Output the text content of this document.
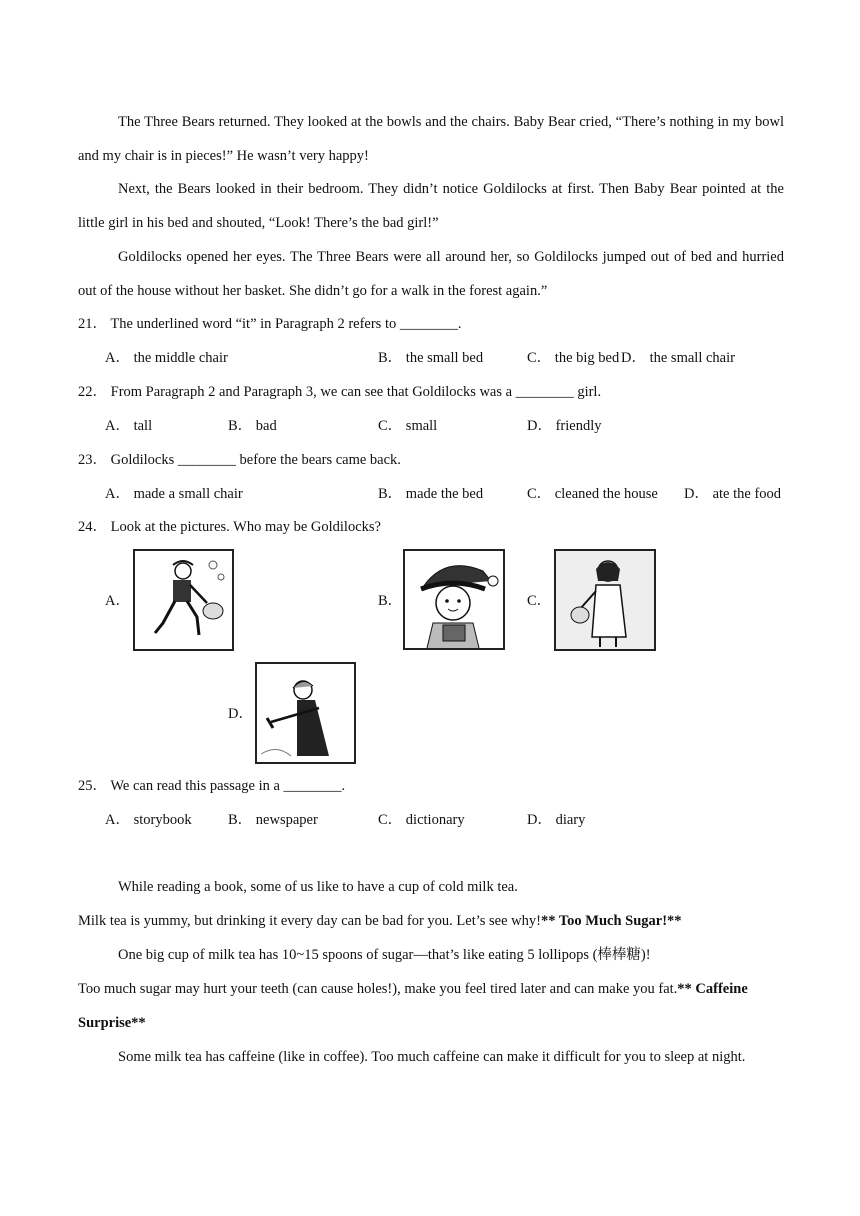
The Three Bears returned. They looked at the bowls and the chairs. Baby Bear cried, “There’s nothing in my bowl and my chair is in pieces!” He wasn’t very happy!
Next, the Bears looked in their bedroom. They didn’t notice Goldilocks at first. Then Baby Bear pointed at the little girl in his bed and shouted, “Look! There’s the bad girl!”
Goldilocks opened her eyes. The Three Bears were all around her, so Goldilocks jumped out of bed and hurried out of the house without her basket. She didn’t go for a walk in the forest again.”
21． The underlined word “it” in Paragraph 2 refers to ________.
A． the middle chair	B． the small bed	C． the big bed D． the small chair
22． From Paragraph 2 and Paragraph 3, we can see that Goldilocks was a ________ girl.
A． tall	B． bad	C． small	D． friendly
23． Goldilocks ________ before the bears came back.
A． made a small chair	B． made the bed	C． cleaned the house D． ate the food
24． Look at the pictures. Who may be Goldilocks?
A．	B．	C．
D．
25． We can read this passage in a ________.
A． storybook	B． newspaper	C． dictionary	D． diary
While reading a book, some of us like to have a cup of cold milk tea.
Milk tea is yummy, but drinking it every day can be bad for you. Let’s see why!** Too Much Sugar!**
One big cup of milk tea has 10~15 spoons of sugar—that’s like eating 5 lollipops (棒棒糖)!
Too much sugar may hurt your teeth (can cause holes!), make you feel tired later and can make you fat.** Caffeine
Surprise**
Some milk tea has caffeine (like in coffee). Too much caffeine can make it difficult for you to sleep at night.
